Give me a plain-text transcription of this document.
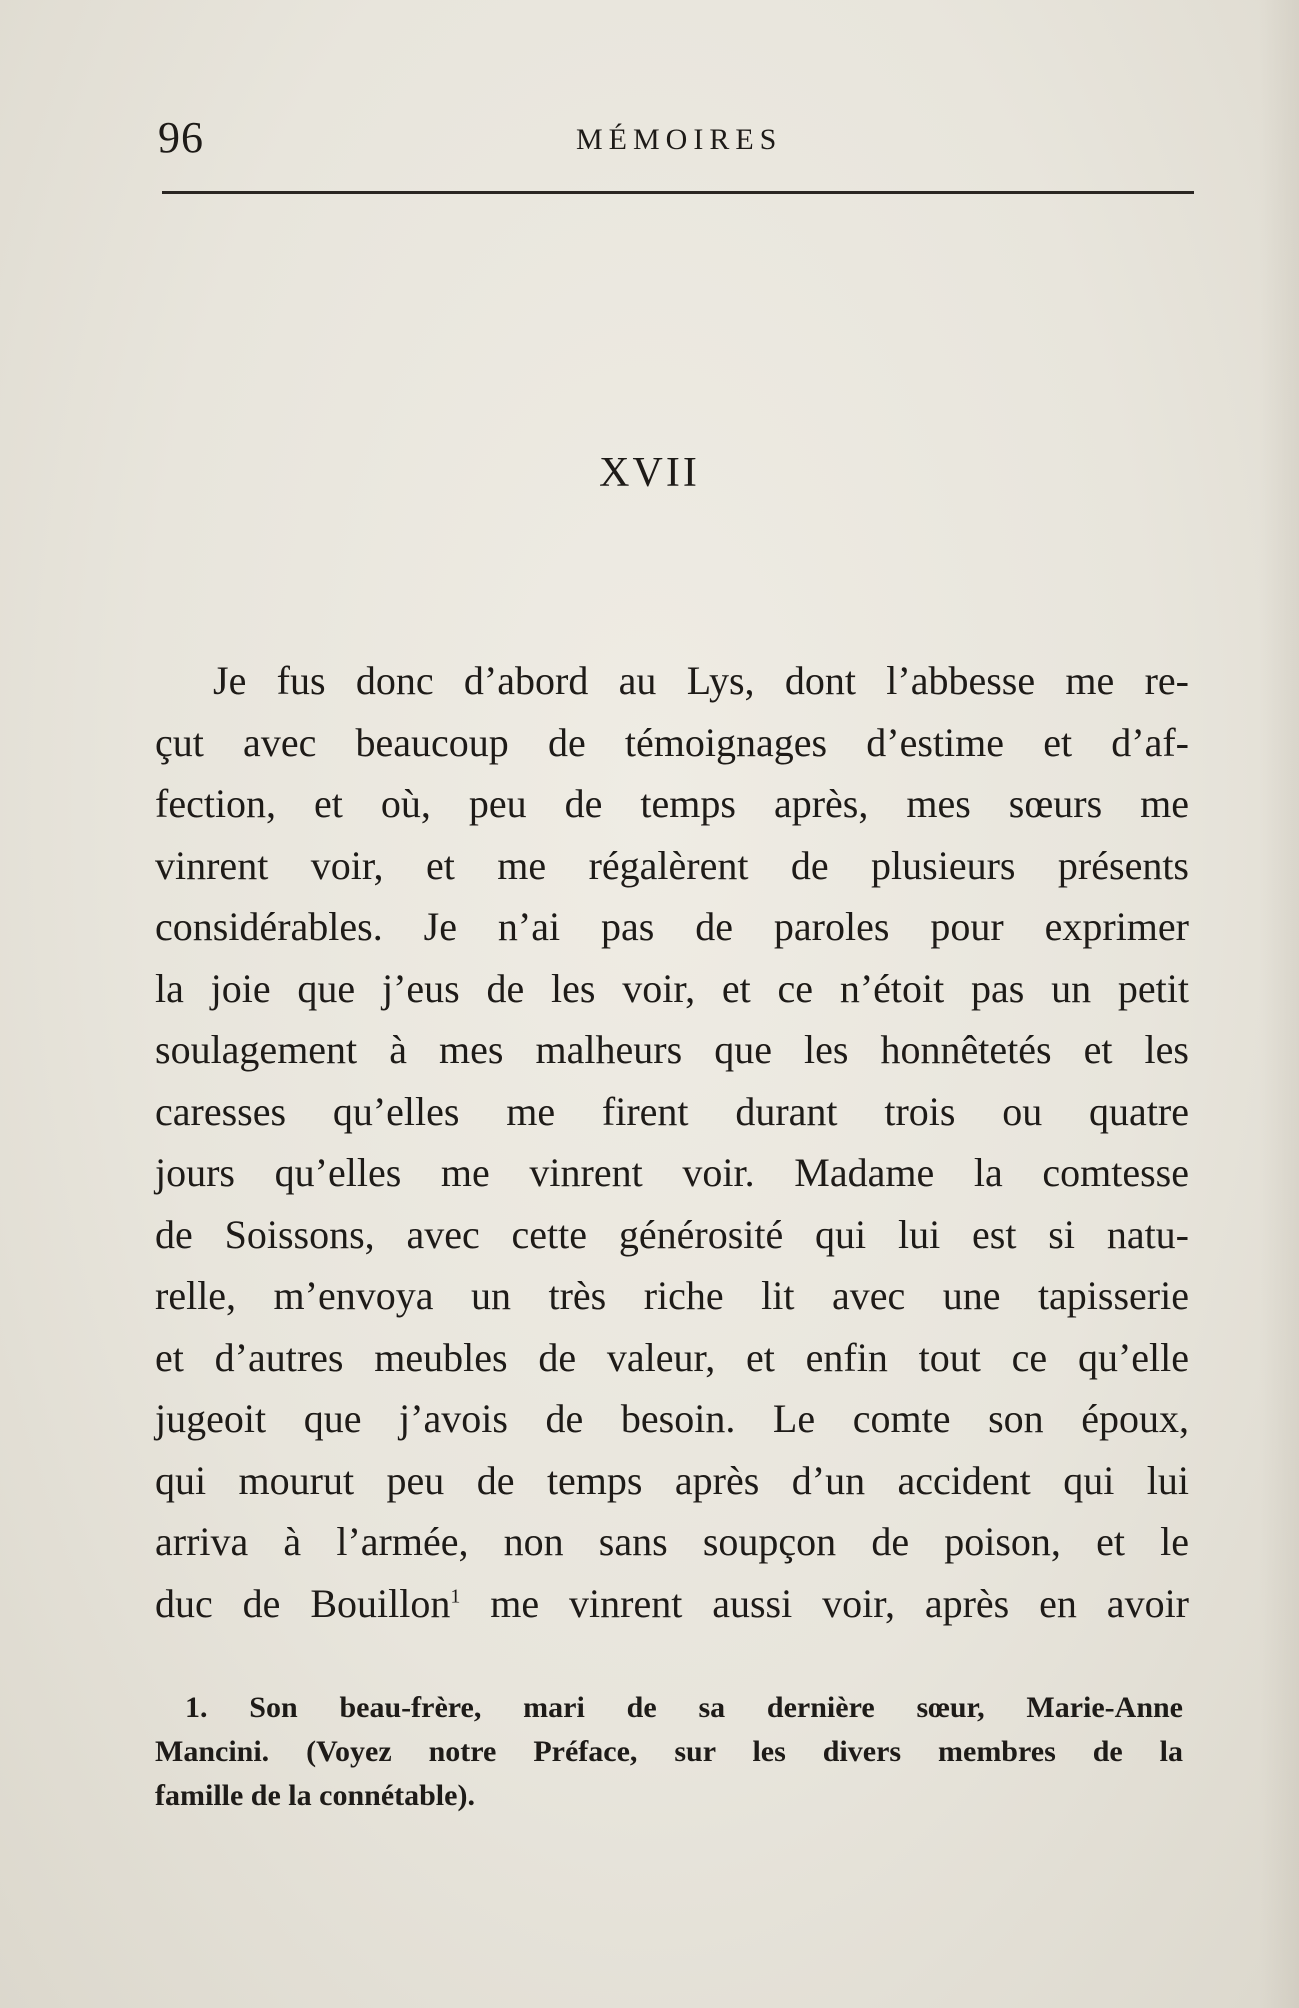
96	MÉMOIRES
XVII
Je fus donc d’abord au Lys, dont l’abbesse me re-
çut avec beaucoup de témoignages d’estime et d’af-
fection, et où, peu de temps après, mes sœurs me
vinrent voir, et me régalèrent de plusieurs présents
considérables. Je n’ai pas de paroles pour exprimer
la joie que j’eus de les voir, et ce n’étoit pas un petit
soulagement à mes malheurs que les honnêtetés et les
caresses qu’elles me firent durant trois ou quatre
jours qu’elles me vinrent voir. Madame la comtesse
de Soissons, avec cette générosité qui lui est si natu-
relle, m’envoya un très riche lit avec une tapisserie
et d’autres meubles de valeur, et enfin tout ce qu’elle
jugeoit que j’avois de besoin. Le comte son époux,
qui mourut peu de temps après d’un accident qui lui
arriva à l’armée, non sans soupçon de poison, et le
duc de Bouillon$^1$ me vinrent aussi voir, après en avoir
1. Son beau-frère, mari de sa dernière sœur, Marie-Anne
Mancini. (Voyez notre Préface, sur les divers membres de la
famille de la connétable).
